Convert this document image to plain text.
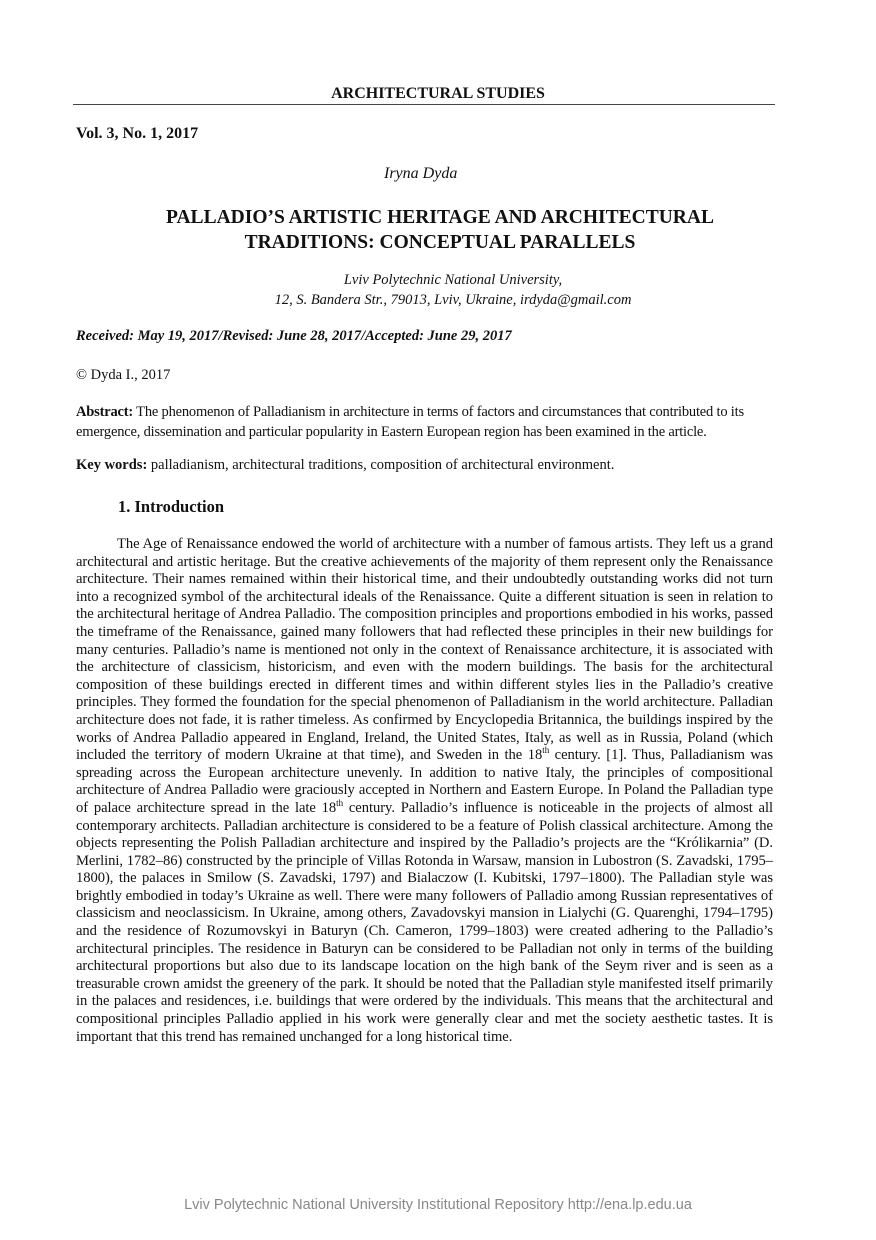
ARCHITECTURAL STUDIES
Vol. 3, No. 1, 2017
Iryna Dyda
PALLADIO’S ARTISTIC HERITAGE AND ARCHITECTURAL
TRADITIONS: CONCEPTUAL PARALLELS
Lviv Polytechnic National University,
12, S. Bandera Str., 79013, Lviv, Ukraine, irdyda@gmail.com
Received: May 19, 2017/Revised: June 28, 2017/Accepted: June 29, 2017
© Dyda I., 2017
Abstract: The phenomenon of Palladianism in architecture in terms of factors and circumstances that contributed to its emergence, dissemination and particular popularity in Eastern European region has been examined in the article.
Key words: palladianism, architectural traditions, composition of architectural environment.
1. Introduction
The Age of Renaissance endowed the world of architecture with a number of famous artists. They left us a grand architectural and artistic heritage. But the creative achievements of the majority of them represent only the Renaissance architecture. Their names remained within their historical time, and their undoubtedly outstanding works did not turn into a recognized symbol of the architectural ideals of the Renaissance. Quite a different situation is seen in relation to the architectural heritage of Andrea Palladio. The composition principles and proportions embodied in his works, passed the timeframe of the Renaissance, gained many followers that had reflected these principles in their new buildings for many centuries. Palladio’s name is mentioned not only in the context of Renaissance architecture, it is associated with the architecture of classicism, historicism, and even with the modern buildings. The basis for the architectural composition of these buildings erected in different times and within different styles lies in the Palladio’s creative principles. They formed the foundation for the special phenomenon of Palladianism in the world architecture. Palladian architecture does not fade, it is rather timeless. As confirmed by Encyclopedia Britannica, the buildings inspired by the works of Andrea Palladio appeared in England, Ireland, the United States, Italy, as well as in Russia, Poland (which included the territory of modern Ukraine at that time), and Sweden in the 18th century. [1]. Thus, Palladianism was spreading across the European architecture unevenly. In addition to native Italy, the principles of compositional architecture of Andrea Palladio were graciously accepted in Northern and Eastern Europe. In Poland the Palladian type of palace architecture spread in the late 18th century. Palladio’s influence is noticeable in the projects of almost all contemporary architects. Palladian architecture is considered to be a feature of Polish classical architecture. Among the objects representing the Polish Palladian architecture and inspired by the Palladio’s projects are the “Królikarnia” (D. Merlini, 1782–86) constructed by the principle of Villas Rotonda in Warsaw, mansion in Lubostron (S. Zavadski, 1795–1800), the palaces in Smilow (S. Zavadski, 1797) and Bialaczow (I. Kubitski, 1797–1800). The Palladian style was brightly embodied in today’s Ukraine as well. There were many followers of Palladio among Russian representatives of classicism and neoclassicism. In Ukraine, among others, Zavadovskyi mansion in Lialychi (G. Quarenghi, 1794–1795) and the residence of Rozumovskyi in Baturyn (Ch. Cameron, 1799–1803) were created adhering to the Palladio’s architectural principles. The residence in Baturyn can be considered to be Palladian not only in terms of the building architectural proportions but also due to its landscape location on the high bank of the Seym river and is seen as a treasurable crown amidst the greenery of the park. It should be noted that the Palladian style manifested itself primarily in the palaces and residences, i.e. buildings that were ordered by the individuals. This means that the architectural and compositional principles Palladio applied in his work were generally clear and met the society aesthetic tastes. It is important that this trend has remained unchanged for a long historical time.
Lviv Polytechnic National University Institutional Repository http://ena.lp.edu.ua
